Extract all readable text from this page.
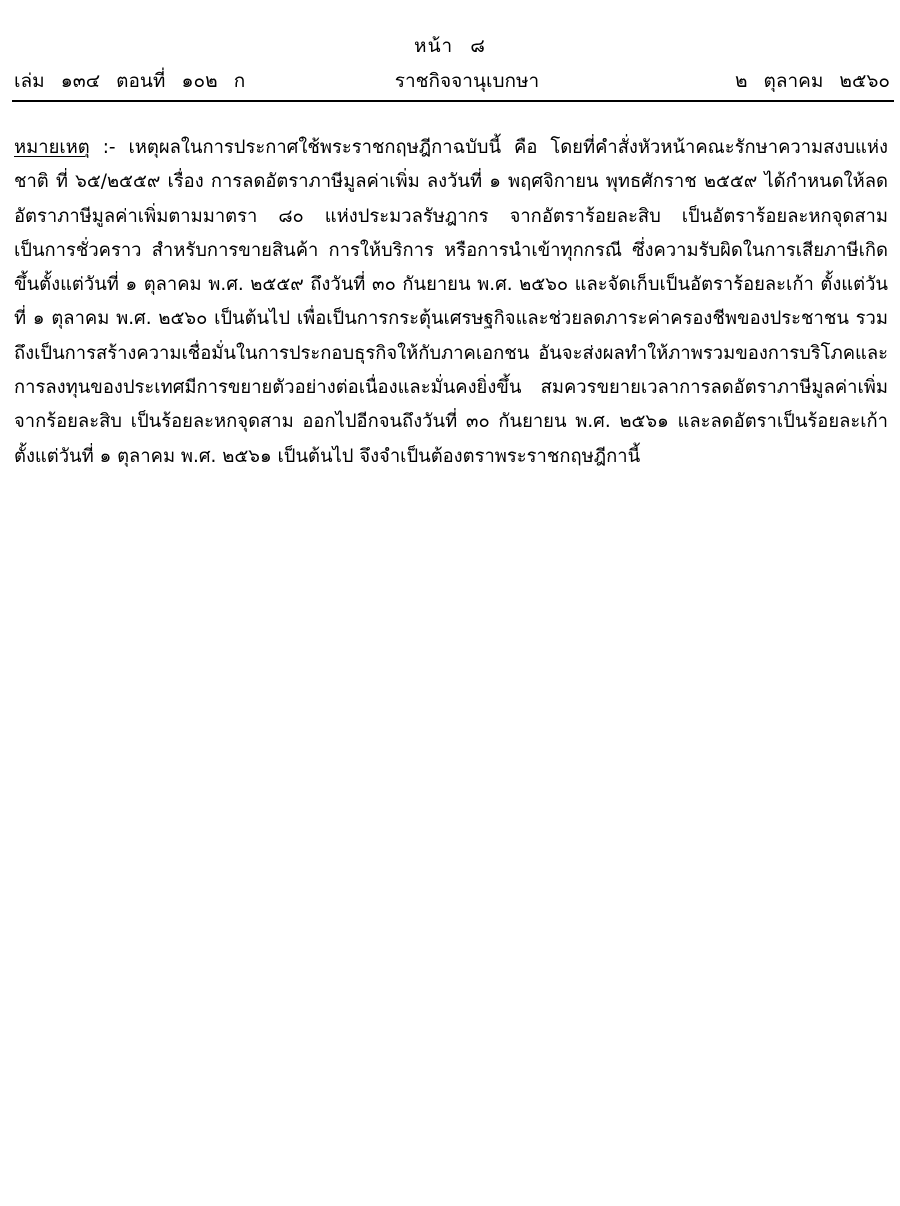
หน้า ๘
เล่ม ๑๓๔ ตอนที่ ๑๐๒ ก	ราชกิจจานุเบกษา	๒ ตุลาคม ๒๕๖๐
หมายเหตุ :- เหตุผลในการประกาศใช้พระราชกฤษฎีกาฉบับนี้ คือ โดยที่คำสั่งหัวหน้าคณะรักษาความสงบแห่งชาติ ที่ ๖๕/๒๕๕๙ เรื่อง การลดอัตราภาษีมูลค่าเพิ่ม ลงวันที่ ๑ พฤศจิกายน พุทธศักราช ๒๕๕๙ ได้กำหนดให้ลดอัตราภาษีมูลค่าเพิ่มตามมาตรา ๘๐ แห่งประมวลรัษฎากร จากอัตราร้อยละสิบ เป็นอัตราร้อยละหกจุดสาม เป็นการชั่วคราว สำหรับการขายสินค้า การให้บริการ หรือการนำเข้าทุกกรณี ซึ่งความรับผิดในการเสียภาษีเกิดขึ้นตั้งแต่วันที่ ๑ ตุลาคม พ.ศ. ๒๕๕๙ ถึงวันที่ ๓๐ กันยายน พ.ศ. ๒๕๖๐ และจัดเก็บเป็นอัตราร้อยละเก้า ตั้งแต่วันที่ ๑ ตุลาคม พ.ศ. ๒๕๖๐ เป็นต้นไป เพื่อเป็นการกระตุ้นเศรษฐกิจและช่วยลดภาระค่าครองชีพของประชาชน รวมถึงเป็นการสร้างความเชื่อมั่นในการประกอบธุรกิจให้กับภาคเอกชน อันจะส่งผลทำให้ภาพรวมของการบริโภคและการลงทุนของประเทศมีการขยายตัวอย่างต่อเนื่องและมั่นคงยิ่งขึ้น สมควรขยายเวลาการลดอัตราภาษีมูลค่าเพิ่มจากร้อยละสิบ เป็นร้อยละหกจุดสาม ออกไปอีกจนถึงวันที่ ๓๐ กันยายน พ.ศ. ๒๕๖๑ และลดอัตราเป็นร้อยละเก้า ตั้งแต่วันที่ ๑ ตุลาคม พ.ศ. ๒๕๖๑ เป็นต้นไป จึงจำเป็นต้องตราพระราชกฤษฎีกานี้
